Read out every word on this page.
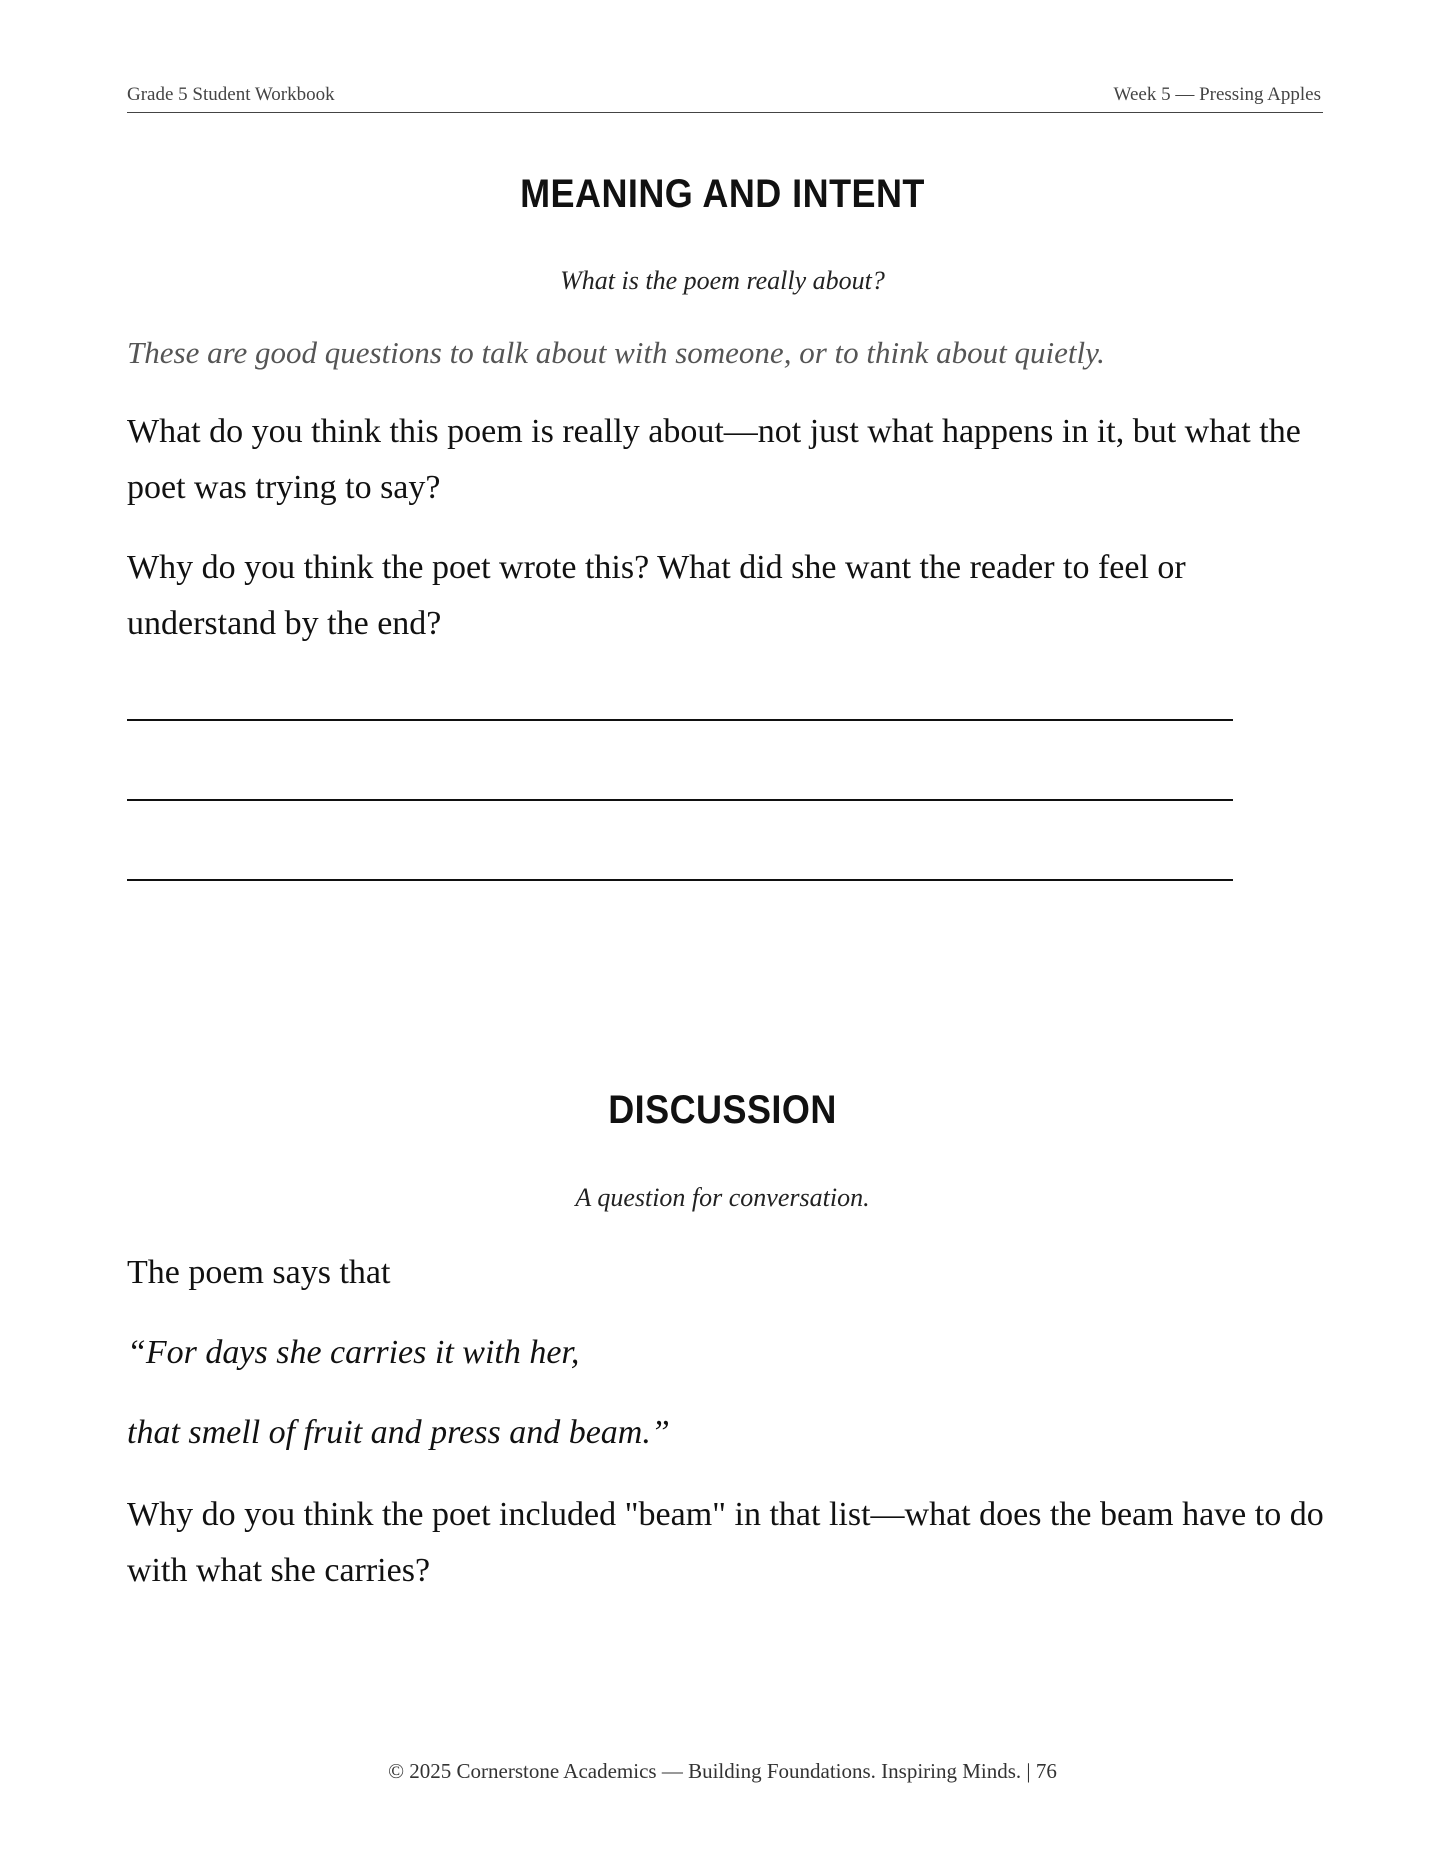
Grade 5 Student Workbook	Week 5 — Pressing Apples
MEANING AND INTENT
What is the poem really about?
These are good questions to talk about with someone, or to think about quietly.
What do you think this poem is really about—not just what happens in it, but what the poet was trying to say?
Why do you think the poet wrote this? What did she want the reader to feel or understand by the end?
DISCUSSION
A question for conversation.
The poem says that
“For days she carries it with her,
that smell of fruit and press and beam.”
Why do you think the poet included "beam" in that list—what does the beam have to do with what she carries?
© 2025 Cornerstone Academics — Building Foundations. Inspiring Minds. | 76
